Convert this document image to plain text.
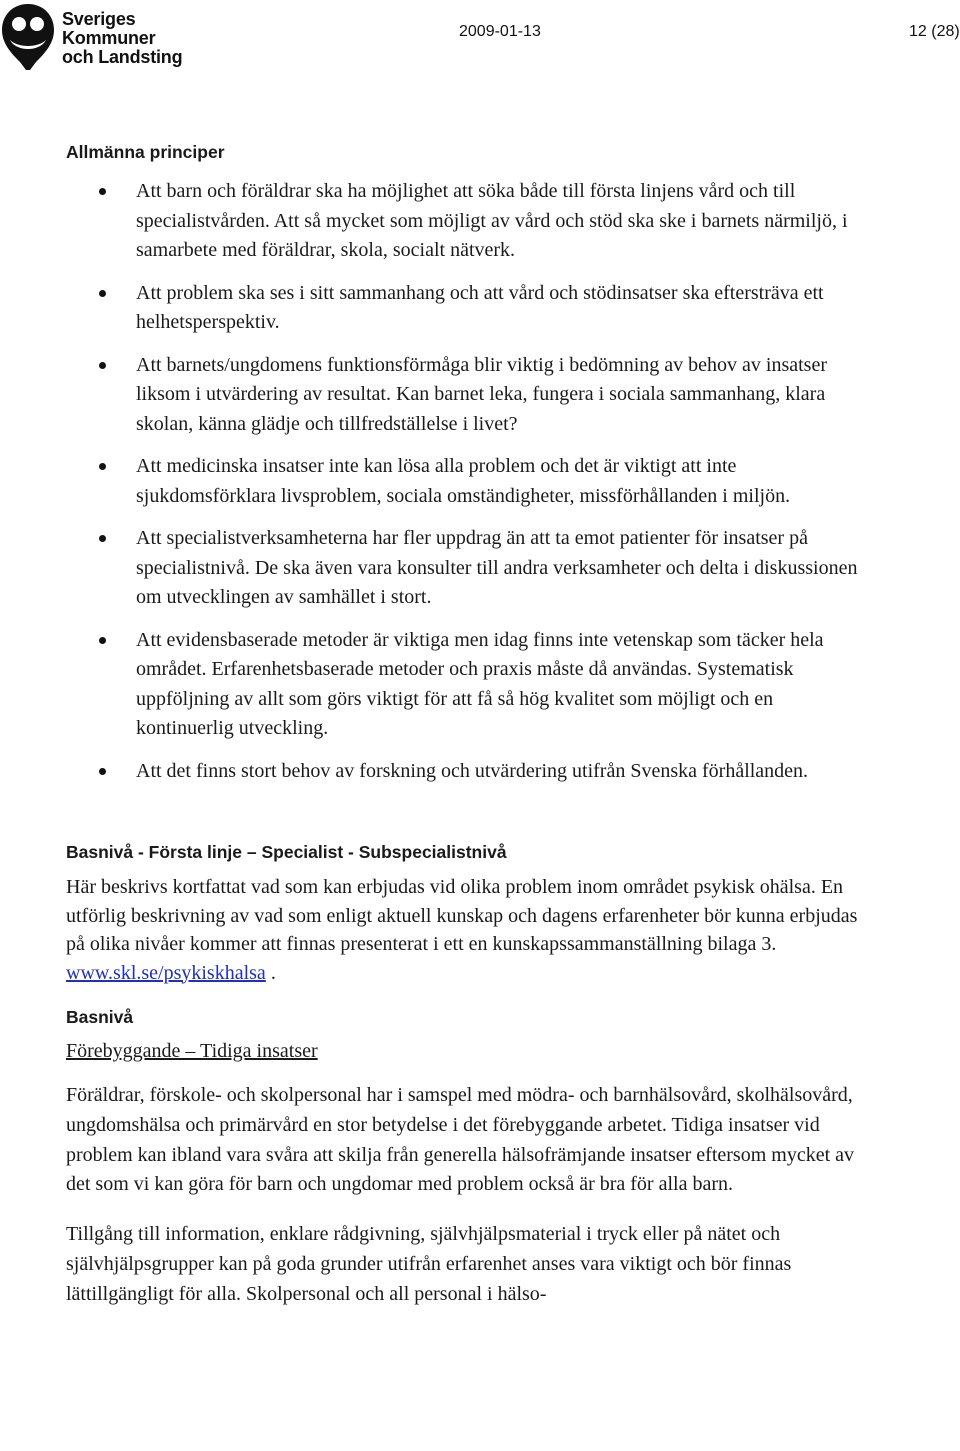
Sveriges
Kommuner
och Landsting
2009-01-13	12 (28)
Allmänna principer
Att barn och föräldrar ska ha möjlighet att söka både till första linjens vård och till specialistvården. Att så mycket som möjligt av vård och stöd ska ske i barnets närmiljö, i samarbete med föräldrar, skola, socialt nätverk.
Att problem ska ses i sitt sammanhang och att vård och stödinsatser ska eftersträva ett helhetsperspektiv.
Att barnets/ungdomens funktionsförmåga blir viktig i bedömning av behov av insatser liksom i utvärdering av resultat. Kan barnet leka, fungera i sociala sammanhang, klara skolan, känna glädje och tillfredställelse i livet?
Att medicinska insatser inte kan lösa alla problem och det är viktigt att inte sjukdomsförklara livsproblem, sociala omständigheter, missförhållanden i miljön.
Att specialistverksamheterna har fler uppdrag än att ta emot patienter för insatser på specialistnivå. De ska även vara konsulter till andra verksamheter och delta i diskussionen om utvecklingen av samhället i stort.
Att evidensbaserade metoder är viktiga men idag finns inte vetenskap som täcker hela området. Erfarenhetsbaserade metoder och praxis måste då användas. Systematisk uppföljning av allt som görs viktigt för att få så hög kvalitet som möjligt och en kontinuerlig utveckling.
Att det finns stort behov av forskning och utvärdering utifrån Svenska förhållanden.
Basnivå - Första linje – Specialist - Subspecialistnivå

Här beskrivs kortfattat vad som kan erbjudas vid olika problem inom området psykisk ohälsa. En utförlig beskrivning av vad som enligt aktuell kunskap och dagens erfarenheter bör kunna erbjudas på olika nivåer kommer att finnas presenterat i ett en kunskapssammanställning bilaga 3. www.skl.se/psykiskhalsa .

Basnivå

Förebyggande – Tidiga insatser

Föräldrar, förskole- och skolpersonal har i samspel med mödra- och barnhälsovård, skolhälsovård, ungdomshälsa och primärvård en stor betydelse i det förebyggande arbetet. Tidiga insatser vid problem kan ibland vara svåra att skilja från generella hälsofrämjande insatser eftersom mycket av det som vi kan göra för barn och ungdomar med problem också är bra för alla barn.

Tillgång till information, enklare rådgivning, självhjälpsmaterial i tryck eller på nätet och självhjälpsgrupper kan på goda grunder utifrån erfarenhet anses vara viktigt och bör finnas lättillgängligt för alla. Skolpersonal och all personal i hälso-
